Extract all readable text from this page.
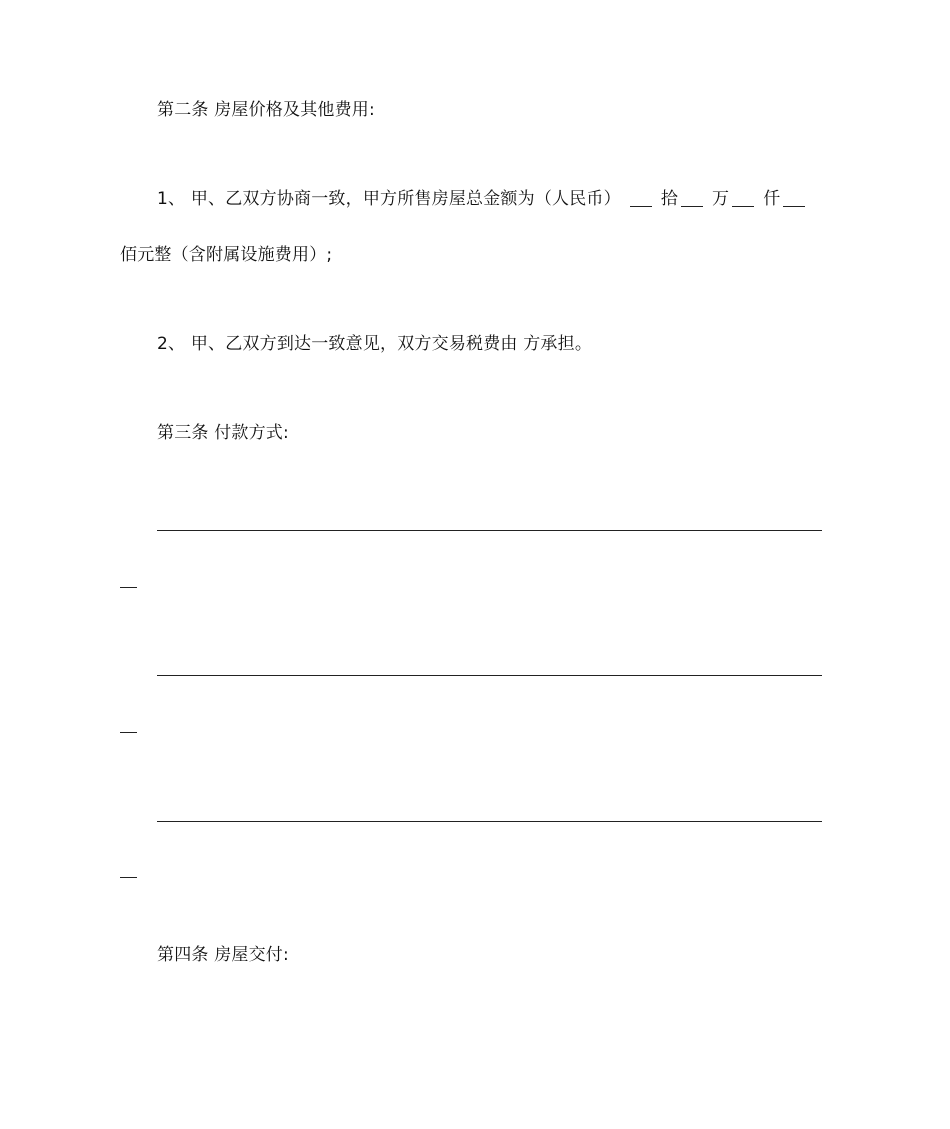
第二条 房屋价格及其他费用:
1、 甲、乙双方协商一致，甲方所售房屋总金额为（人民币） 拾 万 仟
佰元整（含附属设施费用）;
2、 甲、乙双方到达一致意见，双方交易税费由 方承担。
第三条 付款方式:
第四条 房屋交付:
